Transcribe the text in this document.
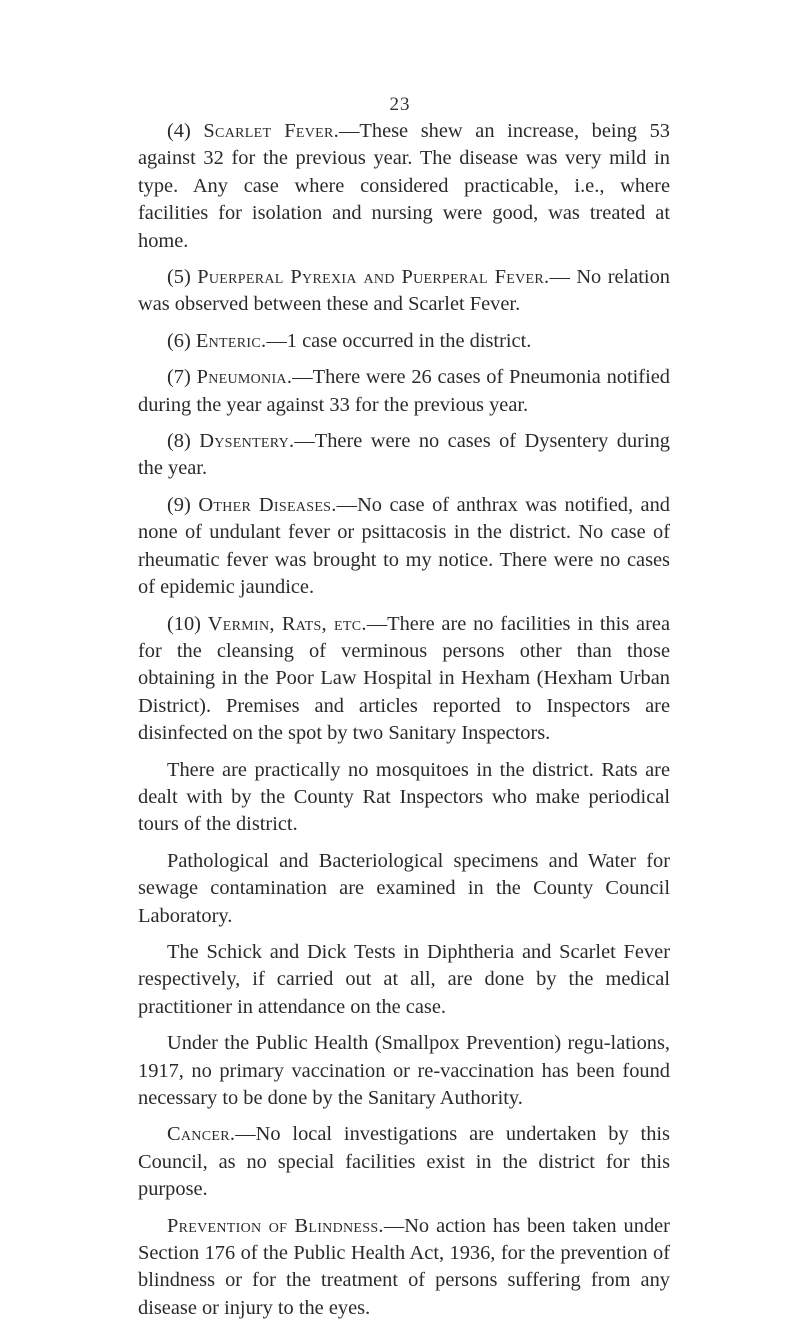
23

(4) Scarlet Fever.—These shew an increase, being 53 against 32 for the previous year. The disease was very mild in type. Any case where considered practicable, i.e., where facilities for isolation and nursing were good, was treated at home.

(5) Puerperal Pyrexia and Puerperal Fever.— No relation was observed between these and Scarlet Fever.

(6) Enteric.—1 case occurred in the district.

(7) Pneumonia.—There were 26 cases of Pneumonia notified during the year against 33 for the previous year.

(8) Dysentery.—There were no cases of Dysentery during the year.

(9) Other Diseases.—No case of anthrax was notified, and none of undulant fever or psittacosis in the district. No case of rheumatic fever was brought to my notice. There were no cases of epidemic jaundice.

(10) Vermin, Rats, etc.—There are no facilities in this area for the cleansing of verminous persons other than those obtaining in the Poor Law Hospital in Hexham (Hexham Urban District). Premises and articles reported to Inspectors are disinfected on the spot by two Sanitary Inspectors.

There are practically no mosquitoes in the district. Rats are dealt with by the County Rat Inspectors who make periodical tours of the district.

Pathological and Bacteriological specimens and Water for sewage contamination are examined in the County Council Laboratory.

The Schick and Dick Tests in Diphtheria and Scarlet Fever respectively, if carried out at all, are done by the medical practitioner in attendance on the case.

Under the Public Health (Smallpox Prevention) regu-lations, 1917, no primary vaccination or re-vaccination has been found necessary to be done by the Sanitary Authority.

Cancer.—No local investigations are undertaken by this Council, as no special facilities exist in the district for this purpose.

Prevention of Blindness.—No action has been taken under Section 176 of the Public Health Act, 1936, for the prevention of blindness or for the treatment of persons suffering from any disease or injury to the eyes.
